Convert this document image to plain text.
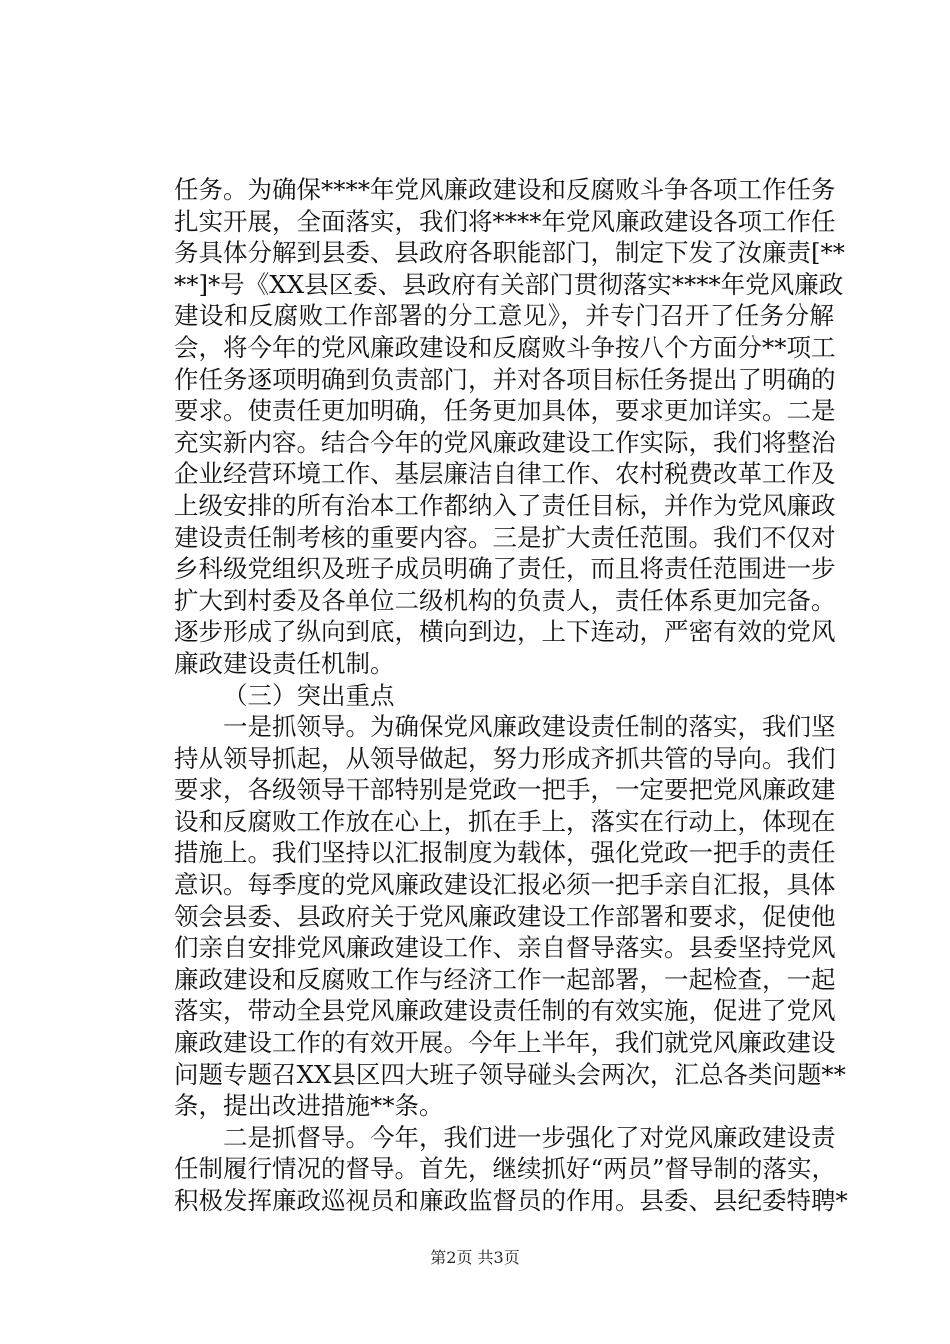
任务。为确保****年党风廉政建设和反腐败斗争各项工作任务
扎实开展，全面落实，我们将****年党风廉政建设各项工作任
务具体分解到县委、县政府各职能部门，制定下发了汝廉责[**
**]*号《XX县区委、县政府有关部门贯彻落实****年党风廉政
建设和反腐败工作部署的分工意见》，并专门召开了任务分解
会，将今年的党风廉政建设和反腐败斗争按八个方面分**项工
作任务逐项明确到负责部门，并对各项目标任务提出了明确的
要求。使责任更加明确，任务更加具体，要求更加详实。二是
充实新内容。结合今年的党风廉政建设工作实际，我们将整治
企业经营环境工作、基层廉洁自律工作、农村税费改革工作及
上级安排的所有治本工作都纳入了责任目标，并作为党风廉政
建设责任制考核的重要内容。三是扩大责任范围。我们不仅对
乡科级党组织及班子成员明确了责任，而且将责任范围进一步
扩大到村委及各单位二级机构的负责人，责任体系更加完备。
逐步形成了纵向到底，横向到边，上下连动，严密有效的党风
廉政建设责任机制。
（三）突出重点
一是抓领导。为确保党风廉政建设责任制的落实，我们坚
持从领导抓起，从领导做起，努力形成齐抓共管的导向。我们
要求，各级领导干部特别是党政一把手，一定要把党风廉政建
设和反腐败工作放在心上，抓在手上，落实在行动上，体现在
措施上。我们坚持以汇报制度为载体，强化党政一把手的责任
意识。每季度的党风廉政建设汇报必须一把手亲自汇报，具体
领会县委、县政府关于党风廉政建设工作部署和要求，促使他
们亲自安排党风廉政建设工作、亲自督导落实。县委坚持党风
廉政建设和反腐败工作与经济工作一起部署，一起检查，一起
落实，带动全县党风廉政建设责任制的有效实施，促进了党风
廉政建设工作的有效开展。今年上半年，我们就党风廉政建设
问题专题召XX县区四大班子领导碰头会两次，汇总各类问题**
条，提出改进措施**条。
二是抓督导。今年，我们进一步强化了对党风廉政建设责
任制履行情况的督导。首先，继续抓好“两员”督导制的落实，
积极发挥廉政巡视员和廉政监督员的作用。县委、县纪委特聘*
第2页 共3页
